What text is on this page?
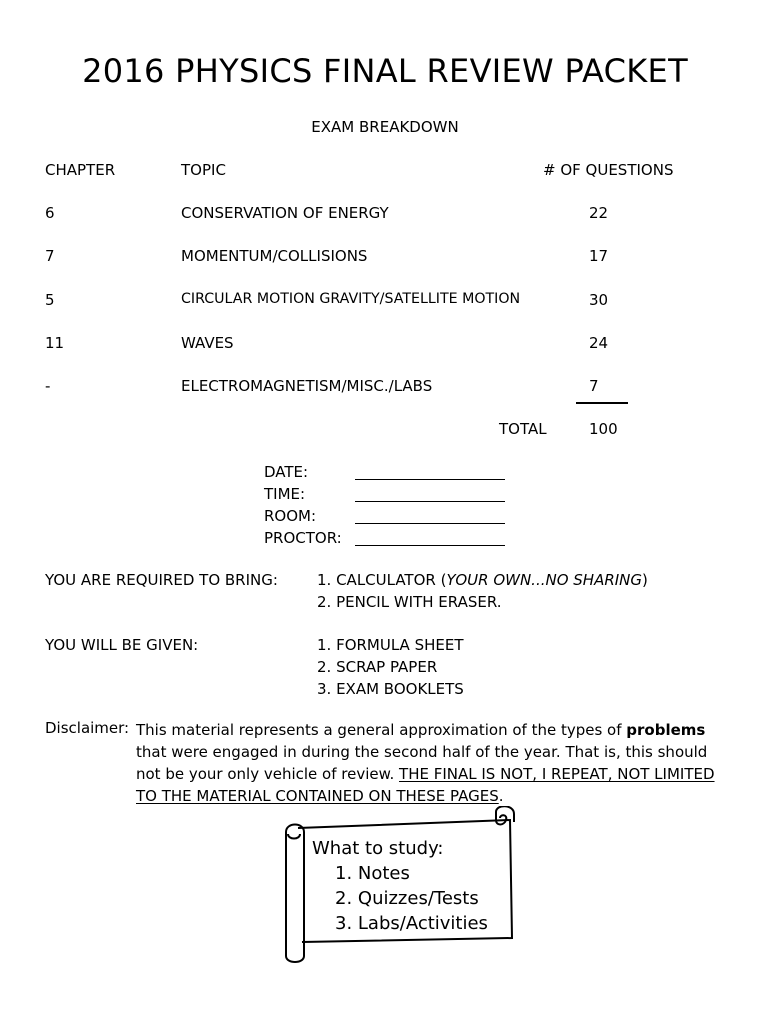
2016 PHYSICS FINAL REVIEW PACKET
EXAM BREAKDOWN
CHAPTER	TOPIC	# OF QUESTIONS
6	CONSERVATION OF ENERGY	22
7	MOMENTUM/COLLISIONS	17
5	CIRCULAR MOTION GRAVITY/SATELLITE MOTION	30
11	WAVES	24
-	ELECTROMAGNETISM/MISC./LABS	7
TOTAL	100
DATE:
TIME:
ROOM:
PROCTOR:
YOU ARE REQUIRED TO BRING:	1. CALCULATOR (YOUR OWN...NO SHARING)
2. PENCIL WITH ERASER.
YOU WILL BE GIVEN:	1. FORMULA SHEET
2. SCRAP PAPER
3. EXAM BOOKLETS
Disclaimer: This material represents a general approximation of the types of problems that were engaged in during the second half of the year. That is, this should not be your only vehicle of review. THE FINAL IS NOT, I REPEAT, NOT LIMITED TO THE MATERIAL CONTAINED ON THESE PAGES.
What to study:
1. Notes
2. Quizzes/Tests
3. Labs/Activities
